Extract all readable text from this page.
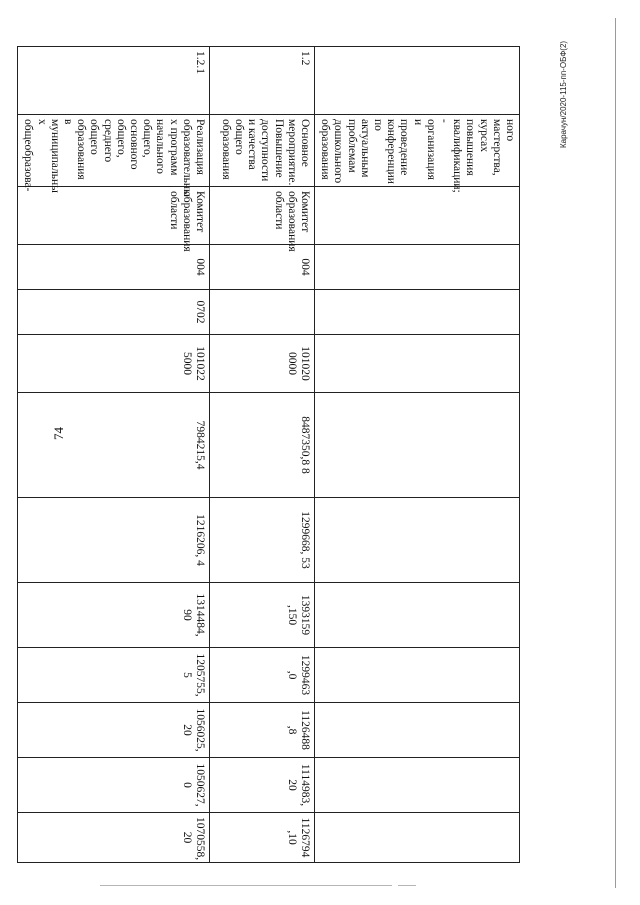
74
Карачун/2020-115-пп-ОБФ(2)
	ного мастерства, курсах повышения квалификации; - организация и проведение конференции по актуальным проблемам дошкольного образования											
1.2	Основное мероприятие. Повышение доступности и качества общего образования	Комитет образования области	004		101020 0000	8487350,8 8	1299668, 53	1393159 ,150	1299463 ,0	1126488 ,8	1114983, 20	1126794 ,10
1.2.1	Реализация образовательны х программ начального общего, основного общего, среднего общего образования в муниципальны х общеобразова-	Комитет образования области	004	0702	101022 5000	7984215,4	1216206, 4	1314484, 90	1205755, 5	1056025, 20	1050627, 0	1070558, 20
